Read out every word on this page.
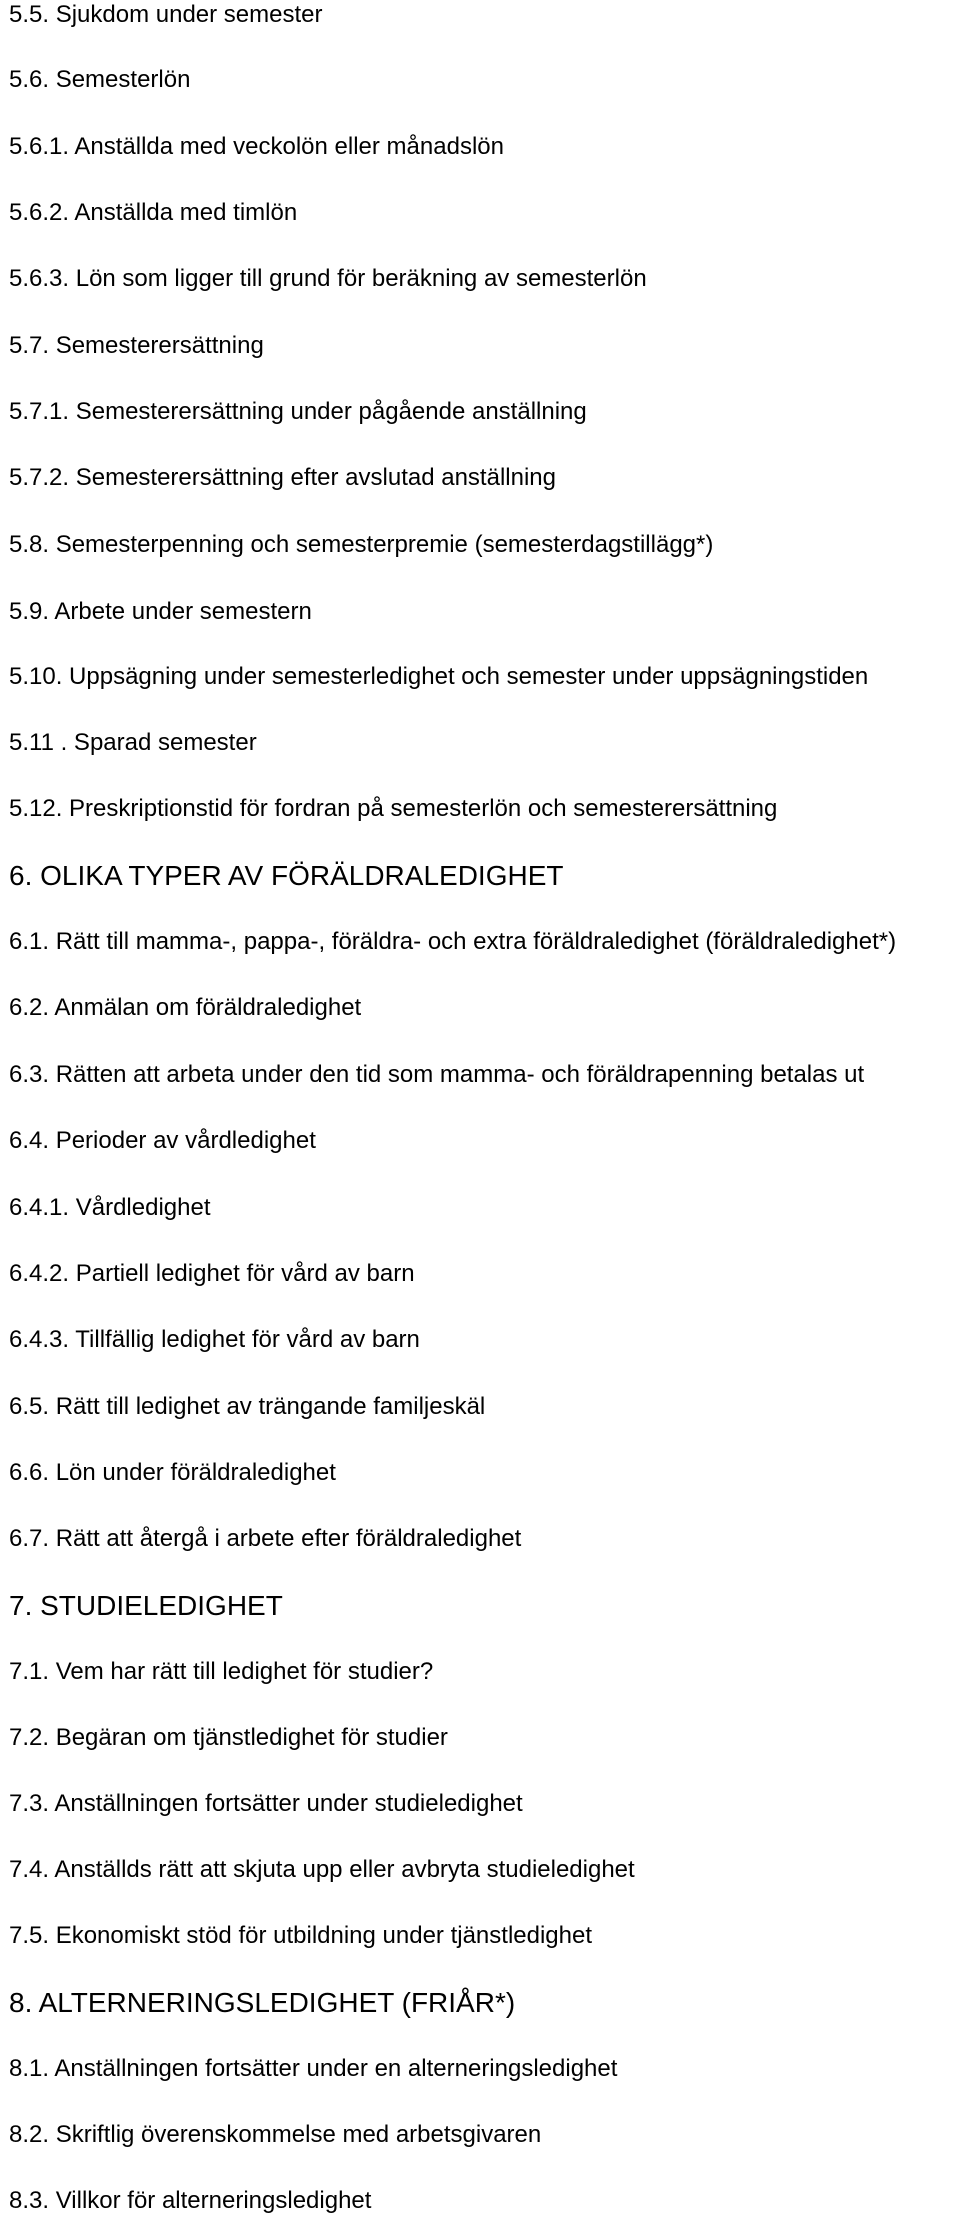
5.5. Sjukdom under semester
5.6. Semesterlön
5.6.1. Anställda med veckolön eller månadslön
5.6.2. Anställda med timlön
5.6.3. Lön som ligger till grund för beräkning av semesterlön
5.7. Semesterersättning
5.7.1. Semesterersättning under pågående anställning
5.7.2. Semesterersättning efter avslutad anställning
5.8. Semesterpenning och semesterpremie (semesterdagstillägg*)
5.9. Arbete under semestern
5.10. Uppsägning under semesterledighet och semester under uppsägningstiden
5.11 . Sparad semester
5.12. Preskriptionstid för fordran på semesterlön och semesterersättning
6. OLIKA TYPER AV FÖRÄLDRALEDIGHET
6.1. Rätt till mamma-, pappa-, föräldra- och extra föräldraledighet (föräldraledighet*)
6.2. Anmälan om föräldraledighet
6.3. Rätten att arbeta under den tid som mamma- och föräldrapenning betalas ut
6.4. Perioder av vårdledighet
6.4.1. Vårdledighet
6.4.2. Partiell ledighet för vård av barn
6.4.3. Tillfällig ledighet för vård av barn
6.5. Rätt till ledighet av trängande familjeskäl
6.6. Lön under föräldraledighet
6.7. Rätt att återgå i arbete efter föräldraledighet
7. STUDIELEDIGHET
7.1. Vem har rätt till ledighet för studier?
7.2. Begäran om tjänstledighet för studier
7.3. Anställningen fortsätter under studieledighet
7.4. Anställds rätt att skjuta upp eller avbryta studieledighet
7.5. Ekonomiskt stöd för utbildning under tjänstledighet
8. ALTERNERINGSLEDIGHET (FRIÅR*)
8.1. Anställningen fortsätter under en alterneringsledighet
8.2. Skriftlig överenskommelse med arbetsgivaren
8.3. Villkor för alterneringsledighet
